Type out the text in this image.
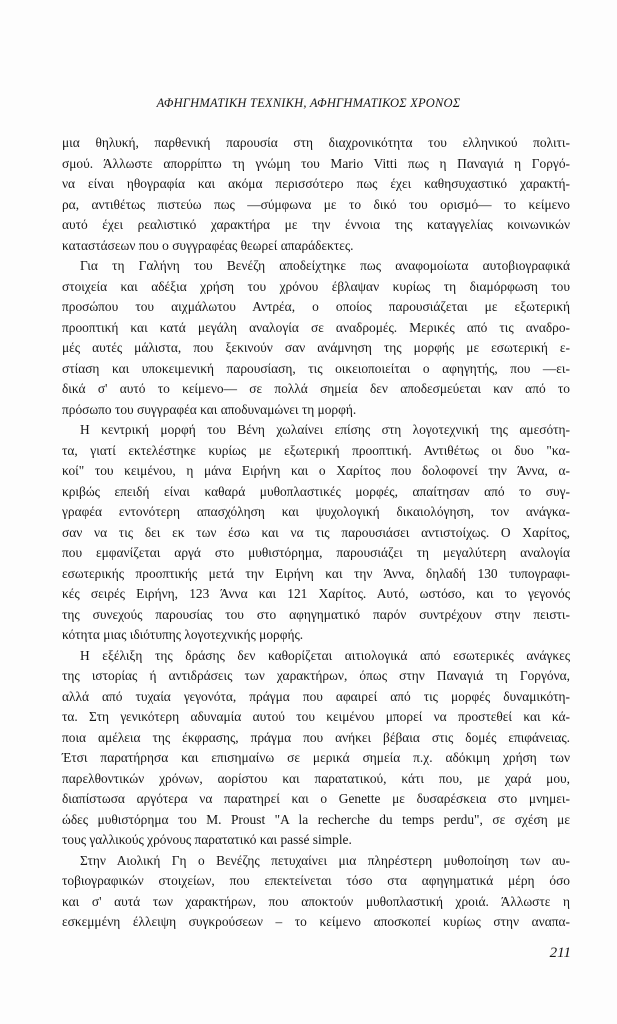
ΑΦΗΓΗΜΑΤΙΚΗ ΤΕΧΝΙΚΗ, ΑΦΗΓΗΜΑΤΙΚΟΣ ΧΡΟΝΟΣ
μια θηλυκή, παρθενική παρουσία στη διαχρονικότητα του ελληνικού πολιτι-
σμού. Άλλωστε απορρίπτω τη γνώμη του Mario Vitti πως η Παναγιά η Γοργό-
να είναι ηθογραφία και ακόμα περισσότερο πως έχει καθησυχαστικό χαρακτή-
ρα, αντιθέτως πιστεύω πως —σύμφωνα με το δικό του ορισμό— το κείμενο
αυτό έχει ρεαλιστικό χαρακτήρα με την έννοια της καταγγελίας κοινωνικών
καταστάσεων που ο συγγραφέας θεωρεί απαράδεκτες.
Για τη Γαλήνη του Βενέζη αποδείχτηκε πως αναφομοίωτα αυτοβιογραφικά
στοιχεία και αδέξια χρήση του χρόνου έβλαψαν κυρίως τη διαμόρφωση του
προσώπου του αιχμάλωτου Αντρέα, ο οποίος παρουσιάζεται με εξωτερική
προοπτική και κατά μεγάλη αναλογία σε αναδρομές. Μερικές από τις αναδρο-
μές αυτές μάλιστα, που ξεκινούν σαν ανάμνηση της μορφής με εσωτερική ε-
στίαση και υποκειμενική παρουσίαση, τις οικειοποιείται ο αφηγητής, που —ει-
δικά σ' αυτό το κείμενο— σε πολλά σημεία δεν αποδεσμεύεται καν από το
πρόσωπο του συγγραφέα και αποδυναμώνει τη μορφή.
Η κεντρική μορφή του Βένη χωλαίνει επίσης στη λογοτεχνική της αμεσότη-
τα, γιατί εκτελέστηκε κυρίως με εξωτερική προοπτική. Αντιθέτως οι δυο "κα-
κοί" του κειμένου, η μάνα Ειρήνη και ο Χαρίτος που δολοφονεί την Άννα, α-
κριβώς επειδή είναι καθαρά μυθοπλαστικές μορφές, απαίτησαν από το συγ-
γραφέα εντονότερη απασχόληση και ψυχολογική δικαιολόγηση, τον ανάγκα-
σαν να τις δει εκ των έσω και να τις παρουσιάσει αντιστοίχως. Ο Χαρίτος,
που εμφανίζεται αργά στο μυθιστόρημα, παρουσιάζει τη μεγαλύτερη αναλογία
εσωτερικής προοπτικής μετά την Ειρήνη και την Άννα, δηλαδή 130 τυπογραφι-
κές σειρές Ειρήνη, 123 Άννα και 121 Χαρίτος. Αυτό, ωστόσο, και το γεγονός
της συνεχούς παρουσίας του στο αφηγηματικό παρόν συντρέχουν στην πειστι-
κότητα μιας ιδιότυπης λογοτεχνικής μορφής.
Η εξέλιξη της δράσης δεν καθορίζεται αιτιολογικά από εσωτερικές ανάγκες
της ιστορίας ή αντιδράσεις των χαρακτήρων, όπως στην Παναγιά τη Γοργόνα,
αλλά από τυχαία γεγονότα, πράγμα που αφαιρεί από τις μορφές δυναμικότη-
τα. Στη γενικότερη αδυναμία αυτού του κειμένου μπορεί να προστεθεί και κά-
ποια αμέλεια της έκφρασης, πράγμα που ανήκει βέβαια στις δομές επιφάνειας.
Έτσι παρατήρησα και επισημαίνω σε μερικά σημεία π.χ. αδόκιμη χρήση των
παρελθοντικών χρόνων, αορίστου και παρατατικού, κάτι που, με χαρά μου,
διαπίστωσα αργότερα να παρατηρεί και ο Genette με δυσαρέσκεια στο μνημει-
ώδες μυθιστόρημα του M. Proust "A la recherche du temps perdu", σε σχέση με
τους γαλλικούς χρόνους παρατατικό και passé simple.
Στην Αιολική Γη ο Βενέζης πετυχαίνει μια πληρέστερη μυθοποίηση των αυ-
τοβιογραφικών στοιχείων, που επεκτείνεται τόσο στα αφηγηματικά μέρη όσο
και σ' αυτά των χαρακτήρων, που αποκτούν μυθοπλαστική χροιά. Άλλωστε η
εσκεμμένη έλλειψη συγκρούσεων – το κείμενο αποσκοπεί κυρίως στην αναπα-
211
